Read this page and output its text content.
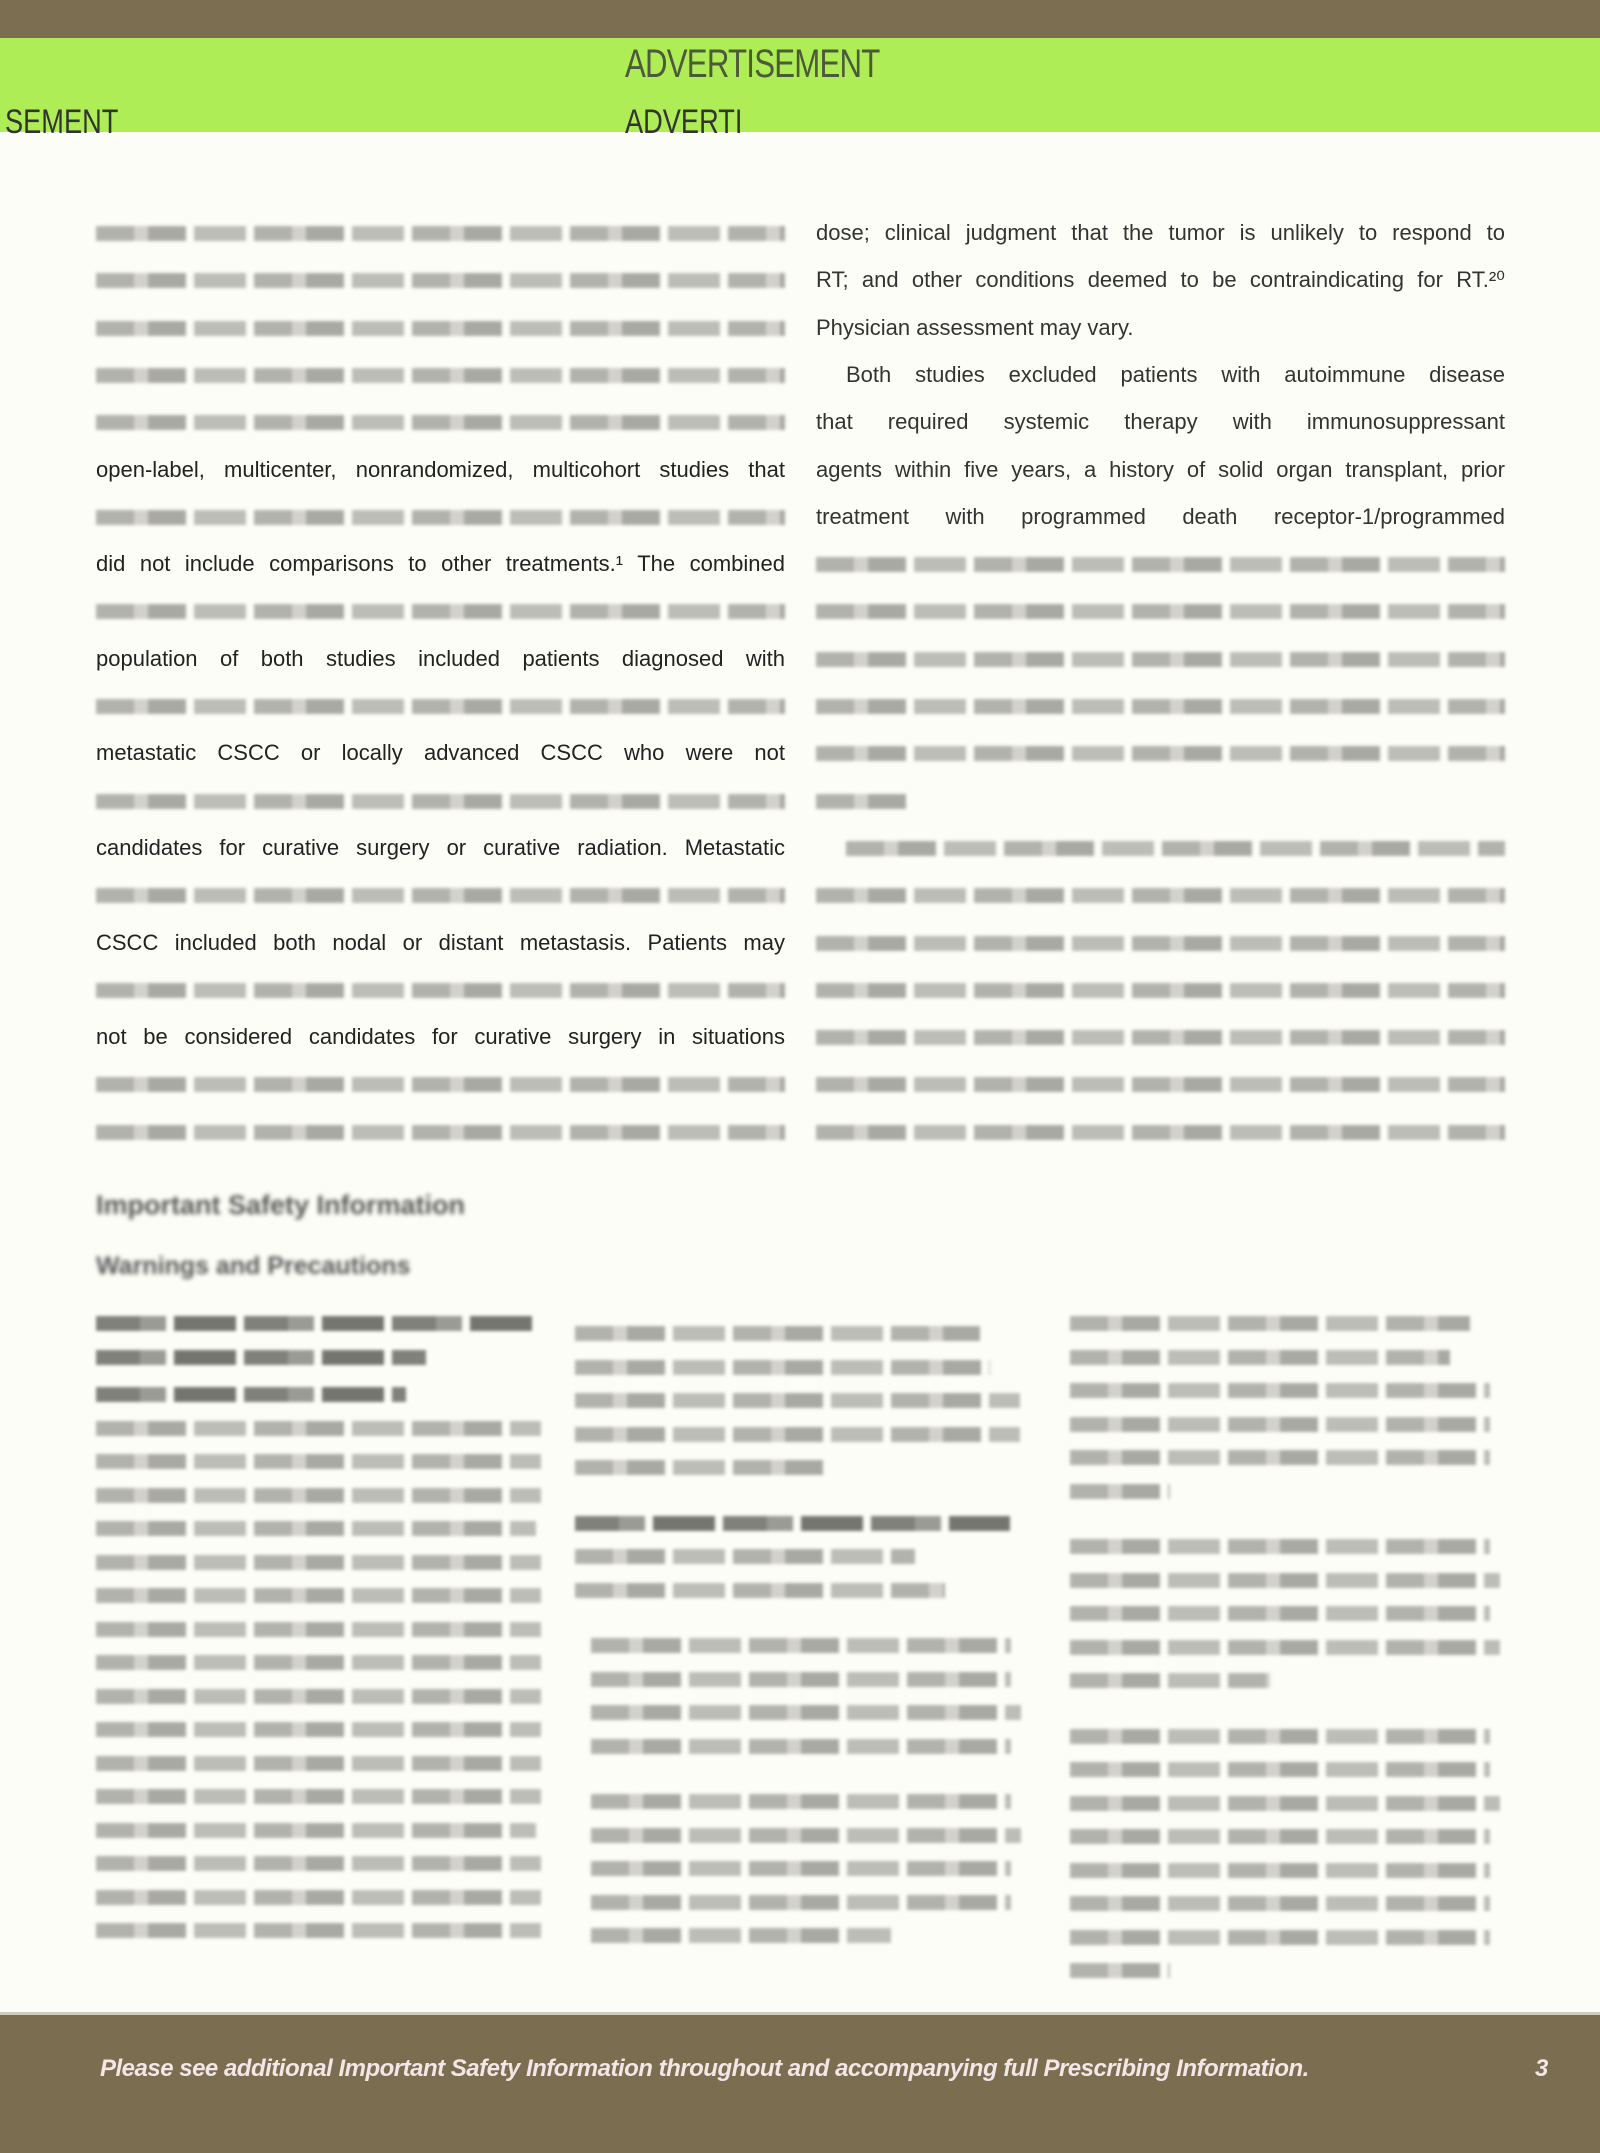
ADVERTISEMENT
SEMENT	ADVERTI
open-label, multicenter, nonrandomized, multicohort studies that
did not include comparisons to other treatments.¹ The combined
population of both studies included patients diagnosed with
metastatic CSCC or locally advanced CSCC who were not
candidates for curative surgery or curative radiation. Metastatic
CSCC included both nodal or distant metastasis. Patients may
not be considered candidates for curative surgery in situations
dose; clinical judgment that the tumor is unlikely to respond to
RT; and other conditions deemed to be contraindicating for RT.²⁰
Physician assessment may vary.
Both studies excluded patients with autoimmune disease
that required systemic therapy with immunosuppressant
agents within five years, a history of solid organ transplant, prior
treatment with programmed death receptor-1/programmed
Important Safety Information
Warnings and Precautions
Please see additional Important Safety Information throughout and accompanying full Prescribing Information.	3
